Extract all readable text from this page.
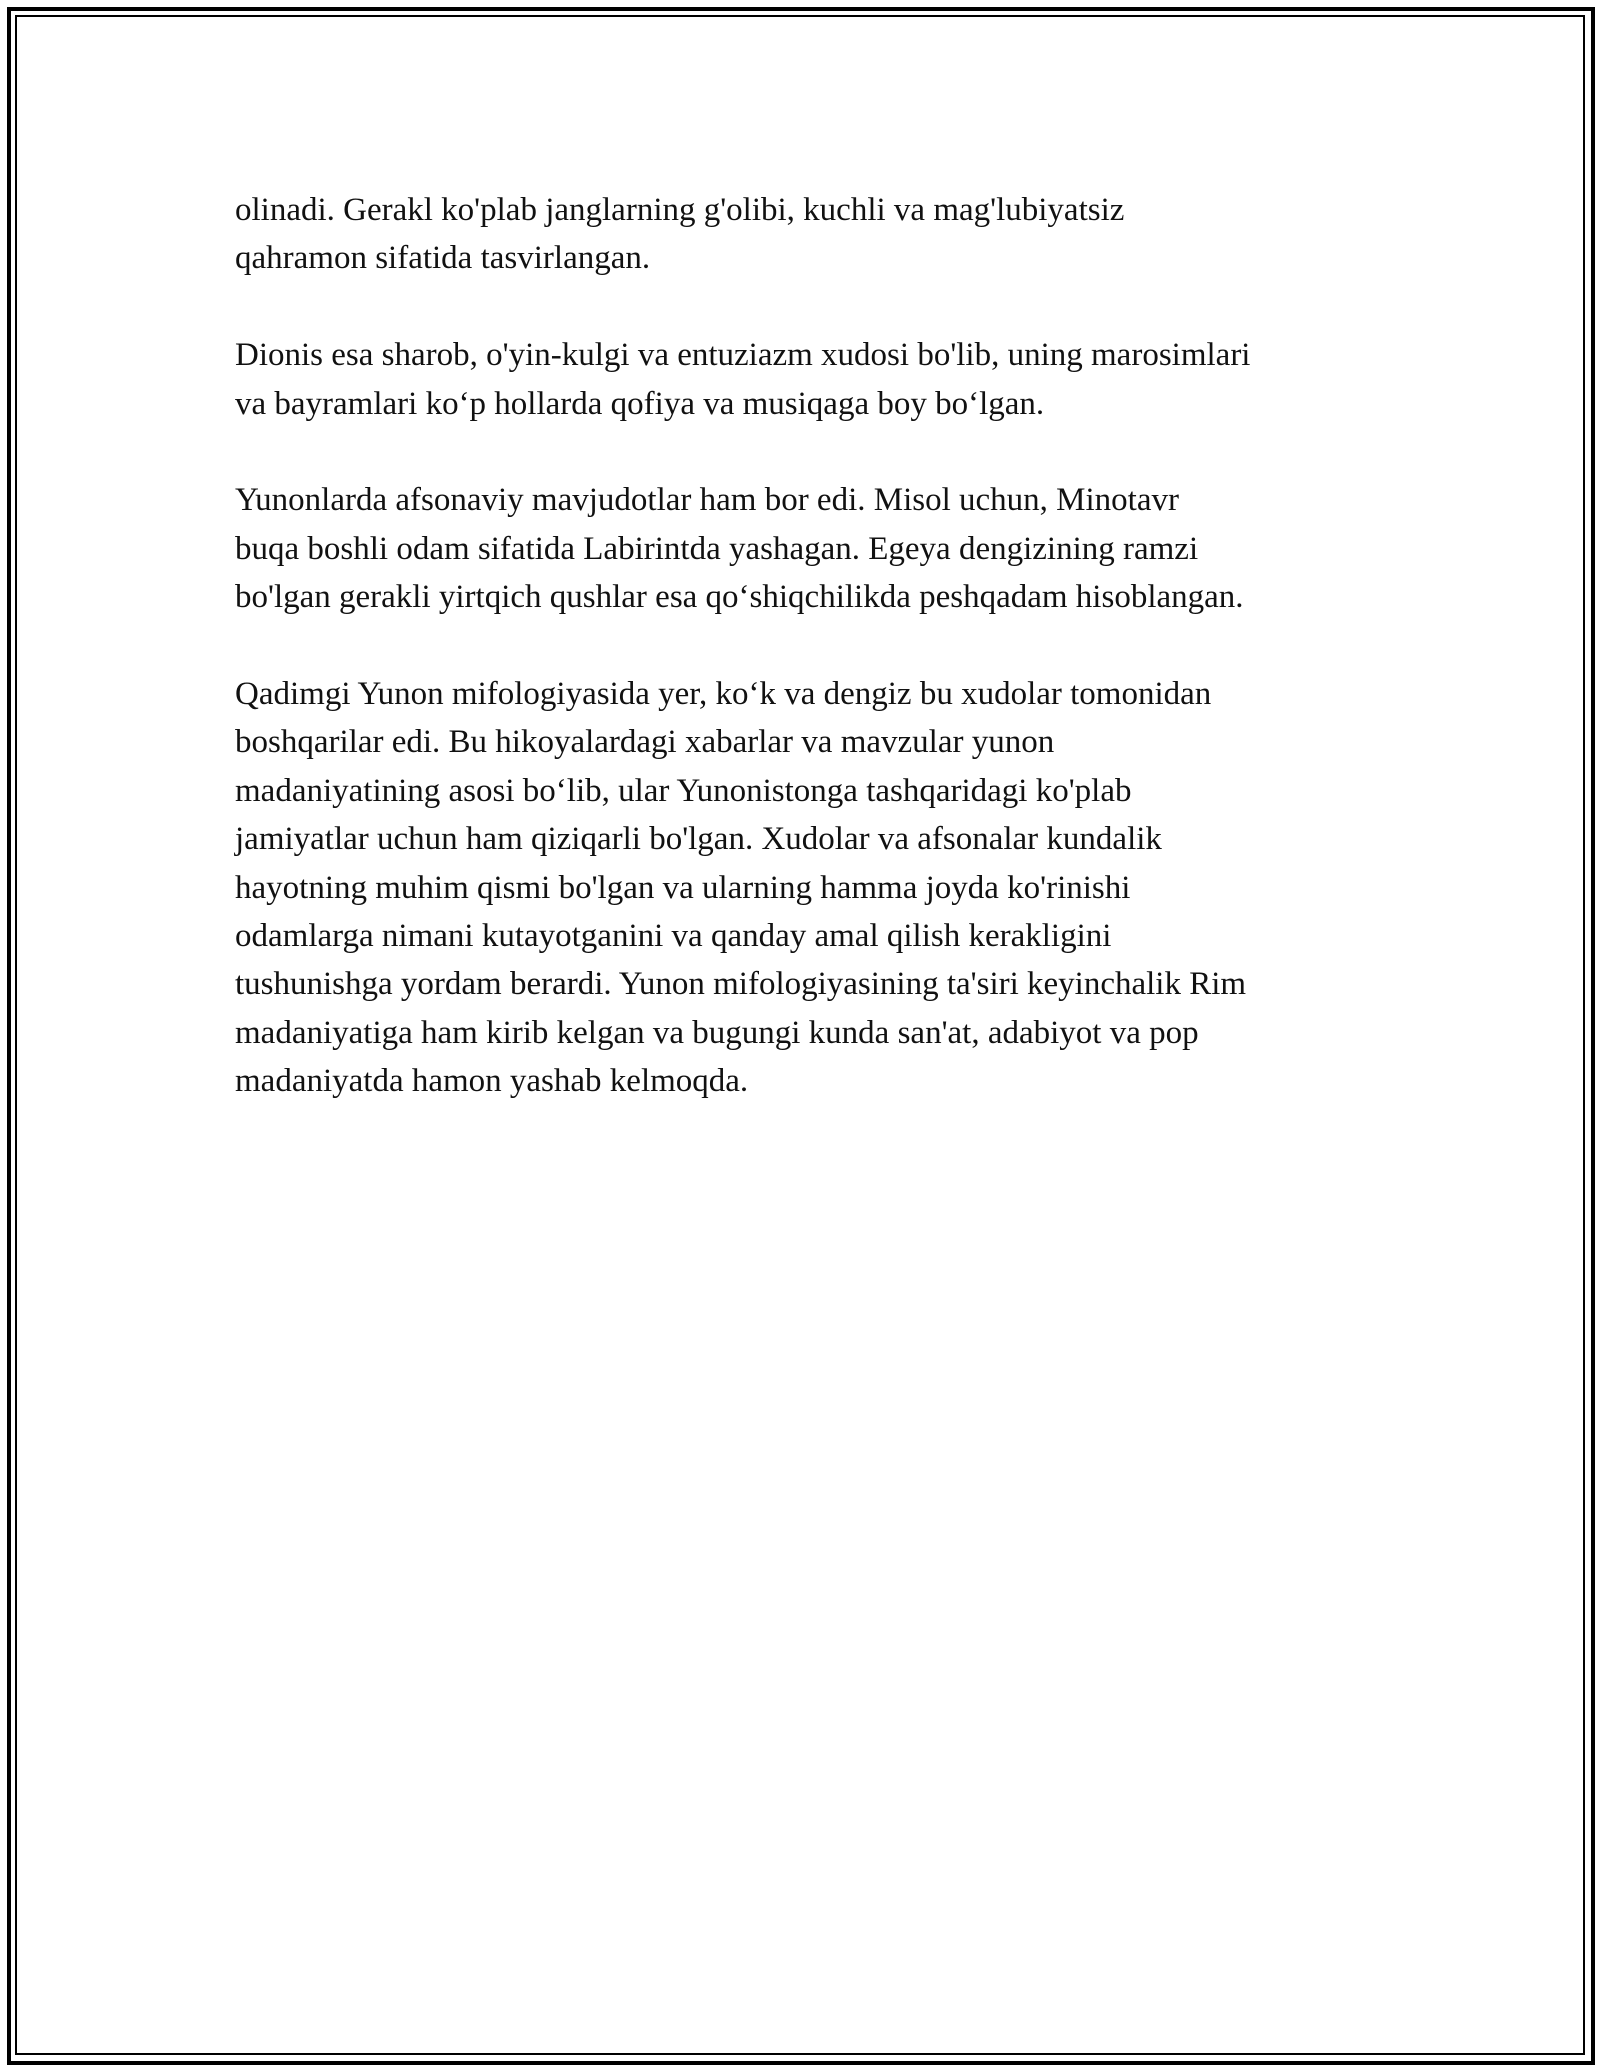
olinadi. Gerakl ko'plab janglarning g'olibi, kuchli va mag'lubiyatsiz
qahramon sifatida tasvirlangan.

Dionis esa sharob, o'yin-kulgi va entuziazm xudosi bo'lib, uning marosimlari
va bayramlari ko‘p hollarda qofiya va musiqaga boy bo‘lgan.

Yunonlarda afsonaviy mavjudotlar ham bor edi. Misol uchun, Minotavr
buqa boshli odam sifatida Labirintda yashagan. Egeya dengizining ramzi
bo'lgan gerakli yirtqich qushlar esa qo‘shiqchilikda peshqadam hisoblangan.

Qadimgi Yunon mifologiyasida yer, ko‘k va dengiz bu xudolar tomonidan
boshqarilar edi. Bu hikoyalardagi xabarlar va mavzular yunon
madaniyatining asosi bo‘lib, ular Yunonistonga tashqaridagi ko'plab
jamiyatlar uchun ham qiziqarli bo'lgan. Xudolar va afsonalar kundalik
hayotning muhim qismi bo'lgan va ularning hamma joyda ko'rinishi
odamlarga nimani kutayotganini va qanday amal qilish kerakligini
tushunishga yordam berardi. Yunon mifologiyasining ta'siri keyinchalik Rim
madaniyatiga ham kirib kelgan va bugungi kunda san'at, adabiyot va pop
madaniyatda hamon yashab kelmoqda.
